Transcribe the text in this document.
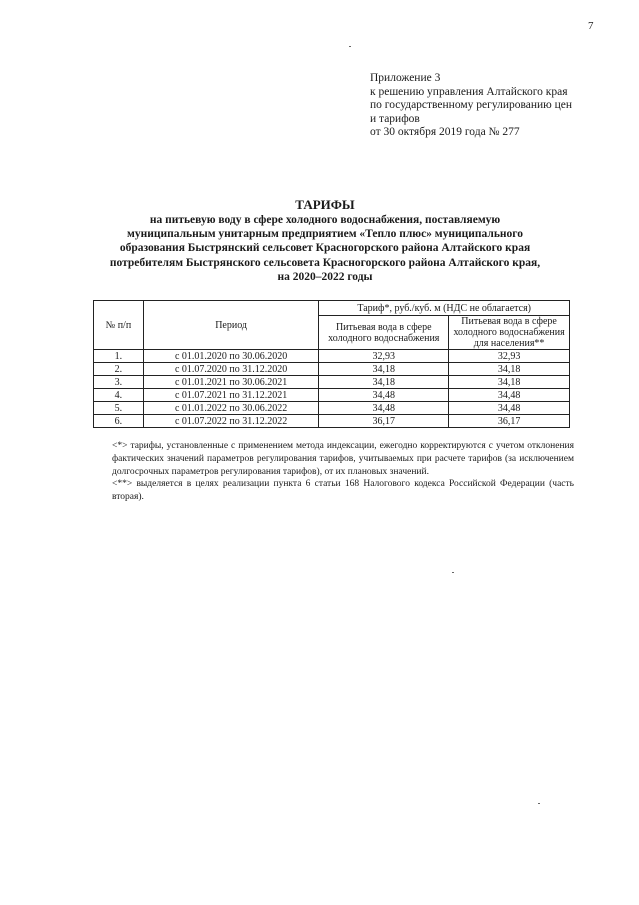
7
Приложение 3
к решению управления Алтайского края
по государственному регулированию цен
и тарифов
от 30 октября 2019 года № 277
ТАРИФЫ
на питьевую воду в сфере холодного водоснабжения, поставляемую
муниципальным унитарным предприятием «Тепло плюс» муниципального
образования Быстрянский сельсовет Красногорского района Алтайского края
потребителям Быстрянского сельсовета Красногорского района Алтайского края,
на 2020–2022 годы
№ п/п	Период	Тариф*, руб./куб. м (НДС не облагается)	
		Питьевая вода в сфере холодного водоснабжения	Питьевая вода в сфере холодного водоснабжения для населения**
1.	с 01.01.2020 по 30.06.2020	32,93	32,93
2.	с 01.07.2020 по 31.12.2020	34,18	34,18
3.	с 01.01.2021 по 30.06.2021	34,18	34,18
4.	с 01.07.2021 по 31.12.2021	34,48	34,48
5.	с 01.01.2022 по 30.06.2022	34,48	34,48
6.	с 01.07.2022 по 31.12.2022	36,17	36,17

<*> тарифы, установленные с применением метода индексации, ежегодно корректируются с учетом отклонения фактических значений параметров регулирования тарифов, учитываемых при расчете тарифов (за исключением долгосрочных параметров регулирования тарифов), от их плановых значений.

<**> выделяется в целях реализации пункта 6 статьи 168 Налогового кодекса Российской Федерации (часть вторая).
